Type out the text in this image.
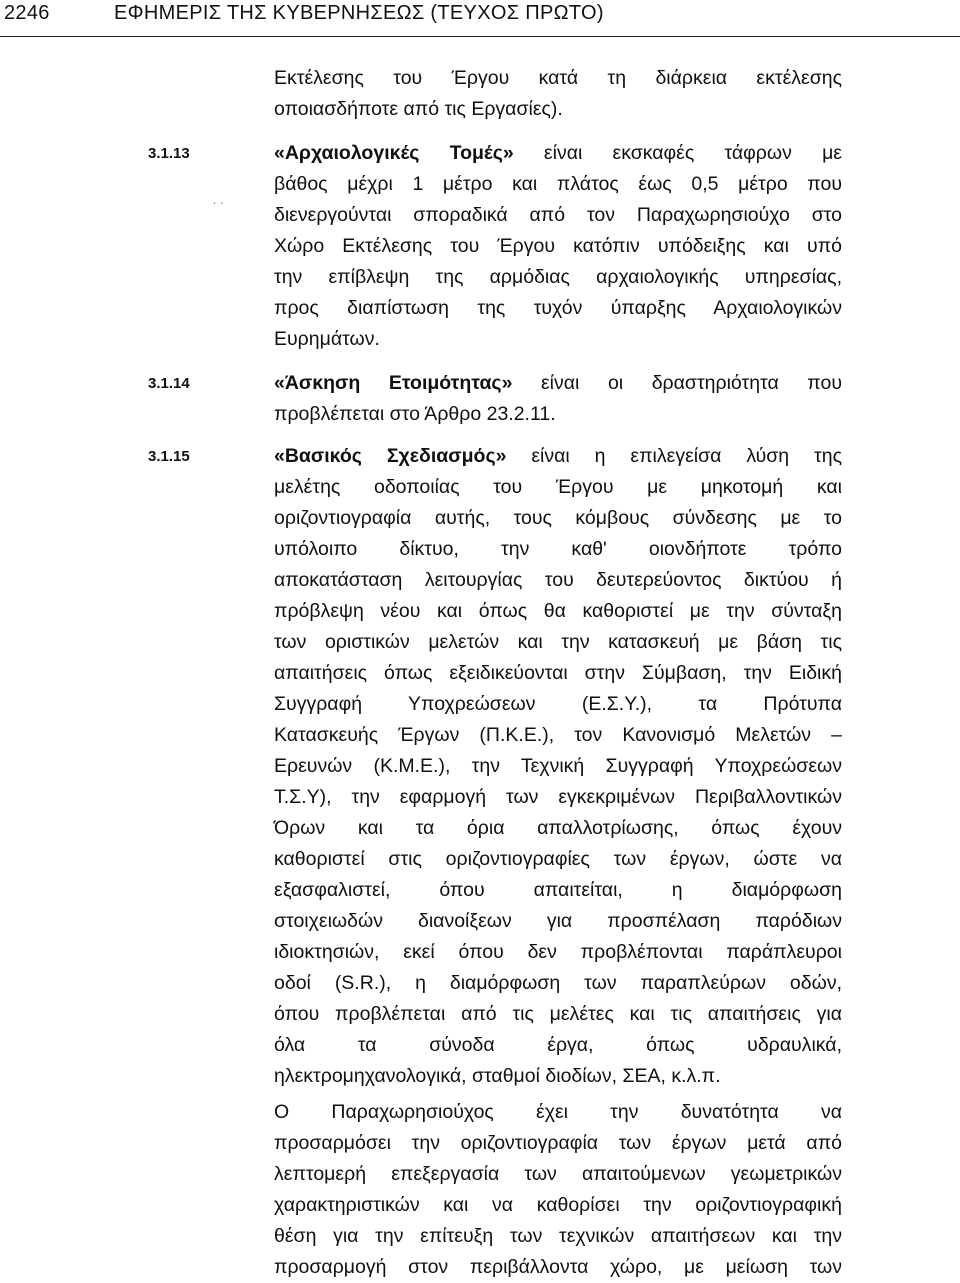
2246	ΕΦΗΜΕΡΙΣ ΤΗΣ ΚΥΒΕΡΝΗΣΕΩΣ (ΤΕΥΧΟΣ ΠΡΩΤΟ)
Εκτέλεσης του Έργου κατά τη διάρκεια εκτέλεσης
οποιασδήποτε από τις Εργασίες).
˙ ˙
3.1.13	«Αρχαιολογικές Τομές» είναι εκσκαφές τάφρων με
βάθος μέχρι 1 μέτρο και πλάτος έως 0,5 μέτρο που
διενεργούνται σποραδικά από τον Παραχωρησιούχο στο
Χώρο Εκτέλεσης του Έργου κατόπιν υπόδειξης και υπό
την επίβλεψη της αρμόδιας αρχαιολογικής υπηρεσίας,
προς διαπίστωση της τυχόν ύπαρξης Αρχαιολογικών
Ευρημάτων.
3.1.14	«Άσκηση Ετοιμότητας» είναι οι δραστηριότητα που
προβλέπεται στο Άρθρο 23.2.11.
3.1.15	«Βασικός Σχεδιασμός» είναι η επιλεγείσα λύση της
μελέτης οδοποιίας του Έργου με μηκοτομή και
οριζοντιογραφία αυτής, τους κόμβους σύνδεσης με το
υπόλοιπο δίκτυο, την καθ' οιονδήποτε τρόπο
αποκατάσταση λειτουργίας του δευτερεύοντος δικτύου ή
πρόβλεψη νέου και όπως θα καθοριστεί με την σύνταξη
των οριστικών μελετών και την κατασκευή με βάση τις
απαιτήσεις όπως εξειδικεύονται στην Σύμβαση, την Ειδική
Συγγραφή Υποχρεώσεων (Ε.Σ.Υ.), τα Πρότυπα
Κατασκευής Έργων (Π.Κ.Ε.), τον Κανονισμό Μελετών –
Ερευνών (Κ.Μ.Ε.), την Τεχνική Συγγραφή Υποχρεώσεων
Τ.Σ.Υ), την εφαρμογή των εγκεκριμένων Περιβαλλοντικών
Όρων και τα όρια απαλλοτρίωσης, όπως έχουν
καθοριστεί στις οριζοντιογραφίες των έργων, ώστε να
εξασφαλιστεί, όπου απαιτείται, η διαμόρφωση
στοιχειωδών διανοίξεων για προσπέλαση παρόδιων
ιδιοκτησιών, εκεί όπου δεν προβλέπονται παράπλευροι
οδοί (S.R.), η διαμόρφωση των παραπλεύρων οδών,
όπου προβλέπεται από τις μελέτες και τις απαιτήσεις για
όλα τα σύνοδα έργα, όπως υδραυλικά,
ηλεκτρομηχανολογικά, σταθμοί διοδίων, ΣΕΑ, κ.λ.π.
Ο Παραχωρησιούχος έχει την δυνατότητα να
προσαρμόσει την οριζοντιογραφία των έργων μετά από
λεπτομερή επεξεργασία των απαιτούμενων γεωμετρικών
χαρακτηριστικών και να καθορίσει την οριζοντιογραφική
θέση για την επίτευξη των τεχνικών απαιτήσεων και την
προσαρμογή στον περιβάλλοντα χώρο, με μείωση των
